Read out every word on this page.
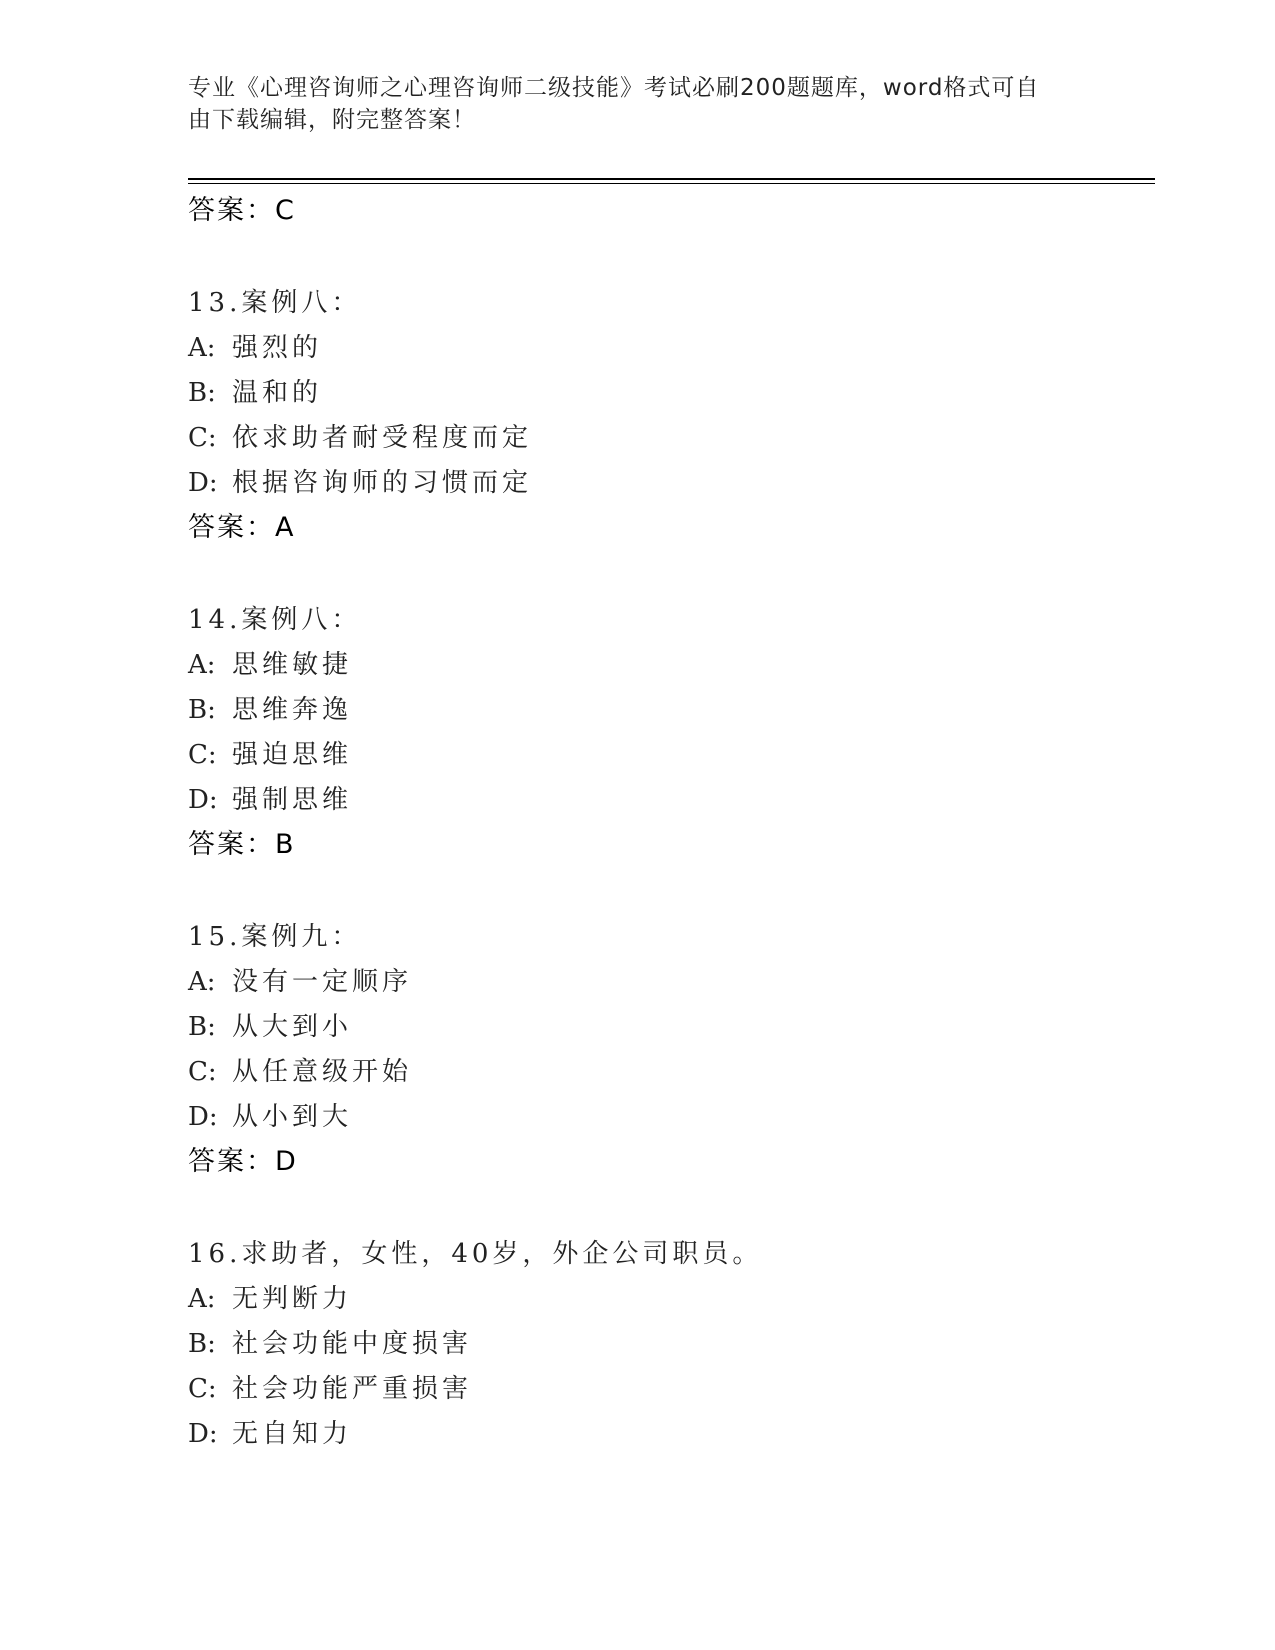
专业《心理咨询师之心理咨询师二级技能》考试必刷200题题库，word格式可自
由下载编辑，附完整答案！
答案：C
13.案例八：
A: 强烈的
B: 温和的
C: 依求助者耐受程度而定
D: 根据咨询师的习惯而定
答案：A
14.案例八：
A: 思维敏捷
B: 思维奔逸
C: 强迫思维
D: 强制思维
答案：B
15.案例九：
A: 没有一定顺序
B: 从大到小
C: 从任意级开始
D: 从小到大
答案：D
16.求助者，女性，40岁，外企公司职员。
A: 无判断力
B: 社会功能中度损害
C: 社会功能严重损害
D: 无自知力
